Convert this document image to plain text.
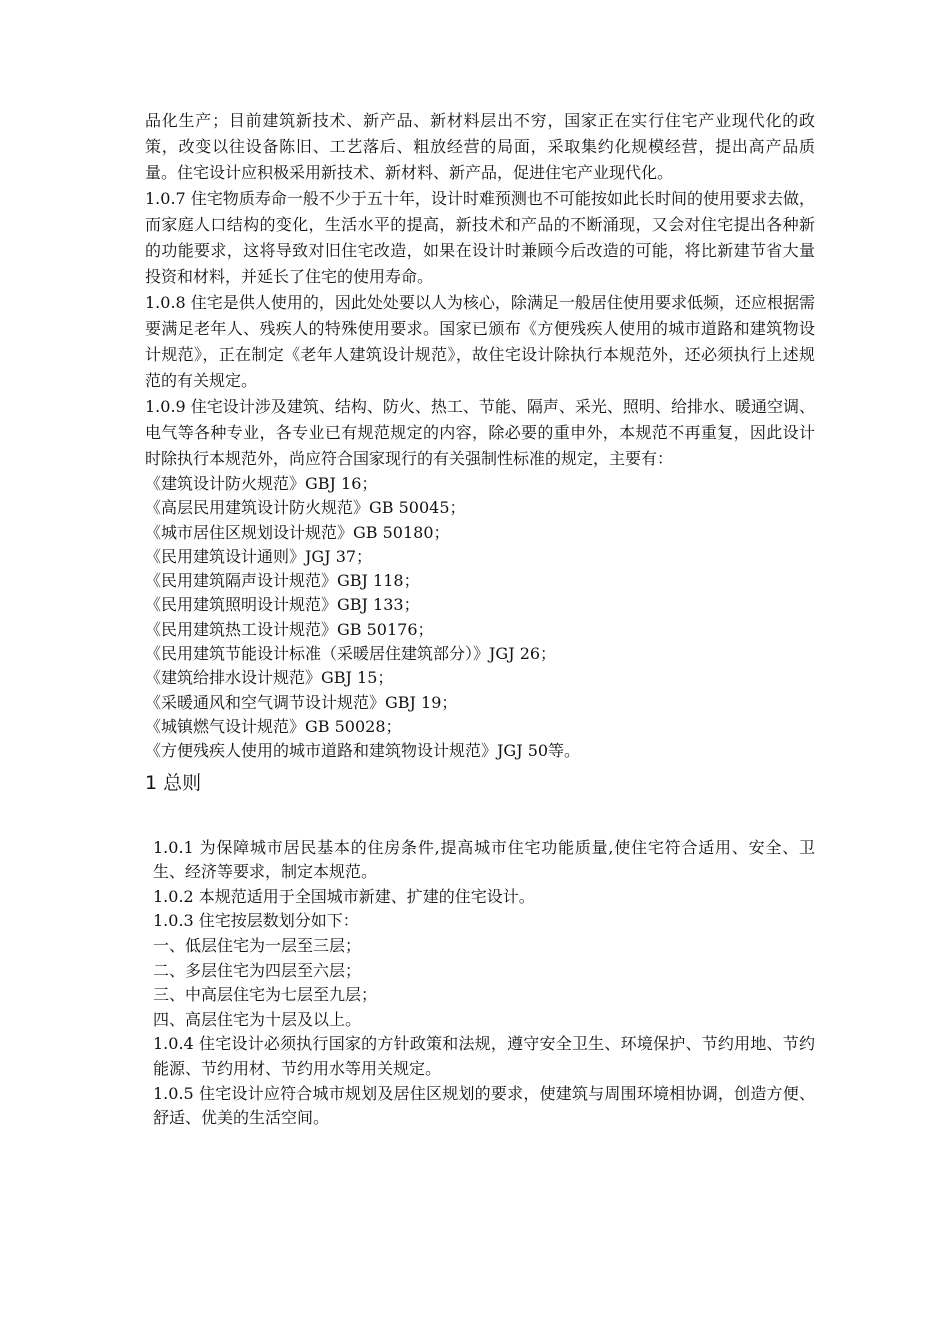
品化生产；目前建筑新技术、新产品、新材料层出不穷，国家正在实行住宅产业现代化的政策，改变以往设备陈旧、工艺落后、粗放经营的局面，采取集约化规模经营，提出高产品质量。住宅设计应积极采用新技术、新材料、新产品，促进住宅产业现代化。

1.0.7 住宅物质寿命一般不少于五十年，设计时难预测也不可能按如此长时间的使用要求去做，而家庭人口结构的变化，生活水平的提高，新技术和产品的不断涌现，又会对住宅提出各种新的功能要求，这将导致对旧住宅改造，如果在设计时兼顾今后改造的可能，将比新建节省大量投资和材料，并延长了住宅的使用寿命。

1.0.8 住宅是供人使用的，因此处处要以人为核心，除满足一般居住使用要求低频，还应根据需要满足老年人、残疾人的特殊使用要求。国家已颁布《方便残疾人使用的城市道路和建筑物设计规范》，正在制定《老年人建筑设计规范》，故住宅设计除执行本规范外，还必须执行上述规范的有关规定。

1.0.9 住宅设计涉及建筑、结构、防火、热工、节能、隔声、采光、照明、给排水、暖通空调、电气等各种专业，各专业已有规范规定的内容，除必要的重申外，本规范不再重复，因此设计时除执行本规范外，尚应符合国家现行的有关强制性标准的规定，主要有：

《建筑设计防火规范》GBJ 16；
《高层民用建筑设计防火规范》GB 50045；
《城市居住区规划设计规范》GB 50180；
《民用建筑设计通则》JGJ 37；
《民用建筑隔声设计规范》GBJ 118；
《民用建筑照明设计规范》GBJ 133；
《民用建筑热工设计规范》GB 50176；
《民用建筑节能设计标准（采暖居住建筑部分）》JGJ 26；
《建筑给排水设计规范》GBJ 15；
《采暖通风和空气调节设计规范》GBJ 19；
《城镇燃气设计规范》GB 50028；
《方便残疾人使用的城市道路和建筑物设计规范》JGJ 50等。
1 总则

1.0.1 为保障城市居民基本的住房条件,提高城市住宅功能质量,使住宅符合适用、安全、卫生、经济等要求，制定本规范。

1.0.2 本规范适用于全国城市新建、扩建的住宅设计。

1.0.3 住宅按层数划分如下：

一、低层住宅为一层至三层；

二、多层住宅为四层至六层；

三、中高层住宅为七层至九层；

四、高层住宅为十层及以上。

1.0.4 住宅设计必须执行国家的方针政策和法规，遵守安全卫生、环境保护、节约用地、节约能源、节约用材、节约用水等用关规定。

1.0.5 住宅设计应符合城市规划及居住区规划的要求，使建筑与周围环境相协调，创造方便、舒适、优美的生活空间。
